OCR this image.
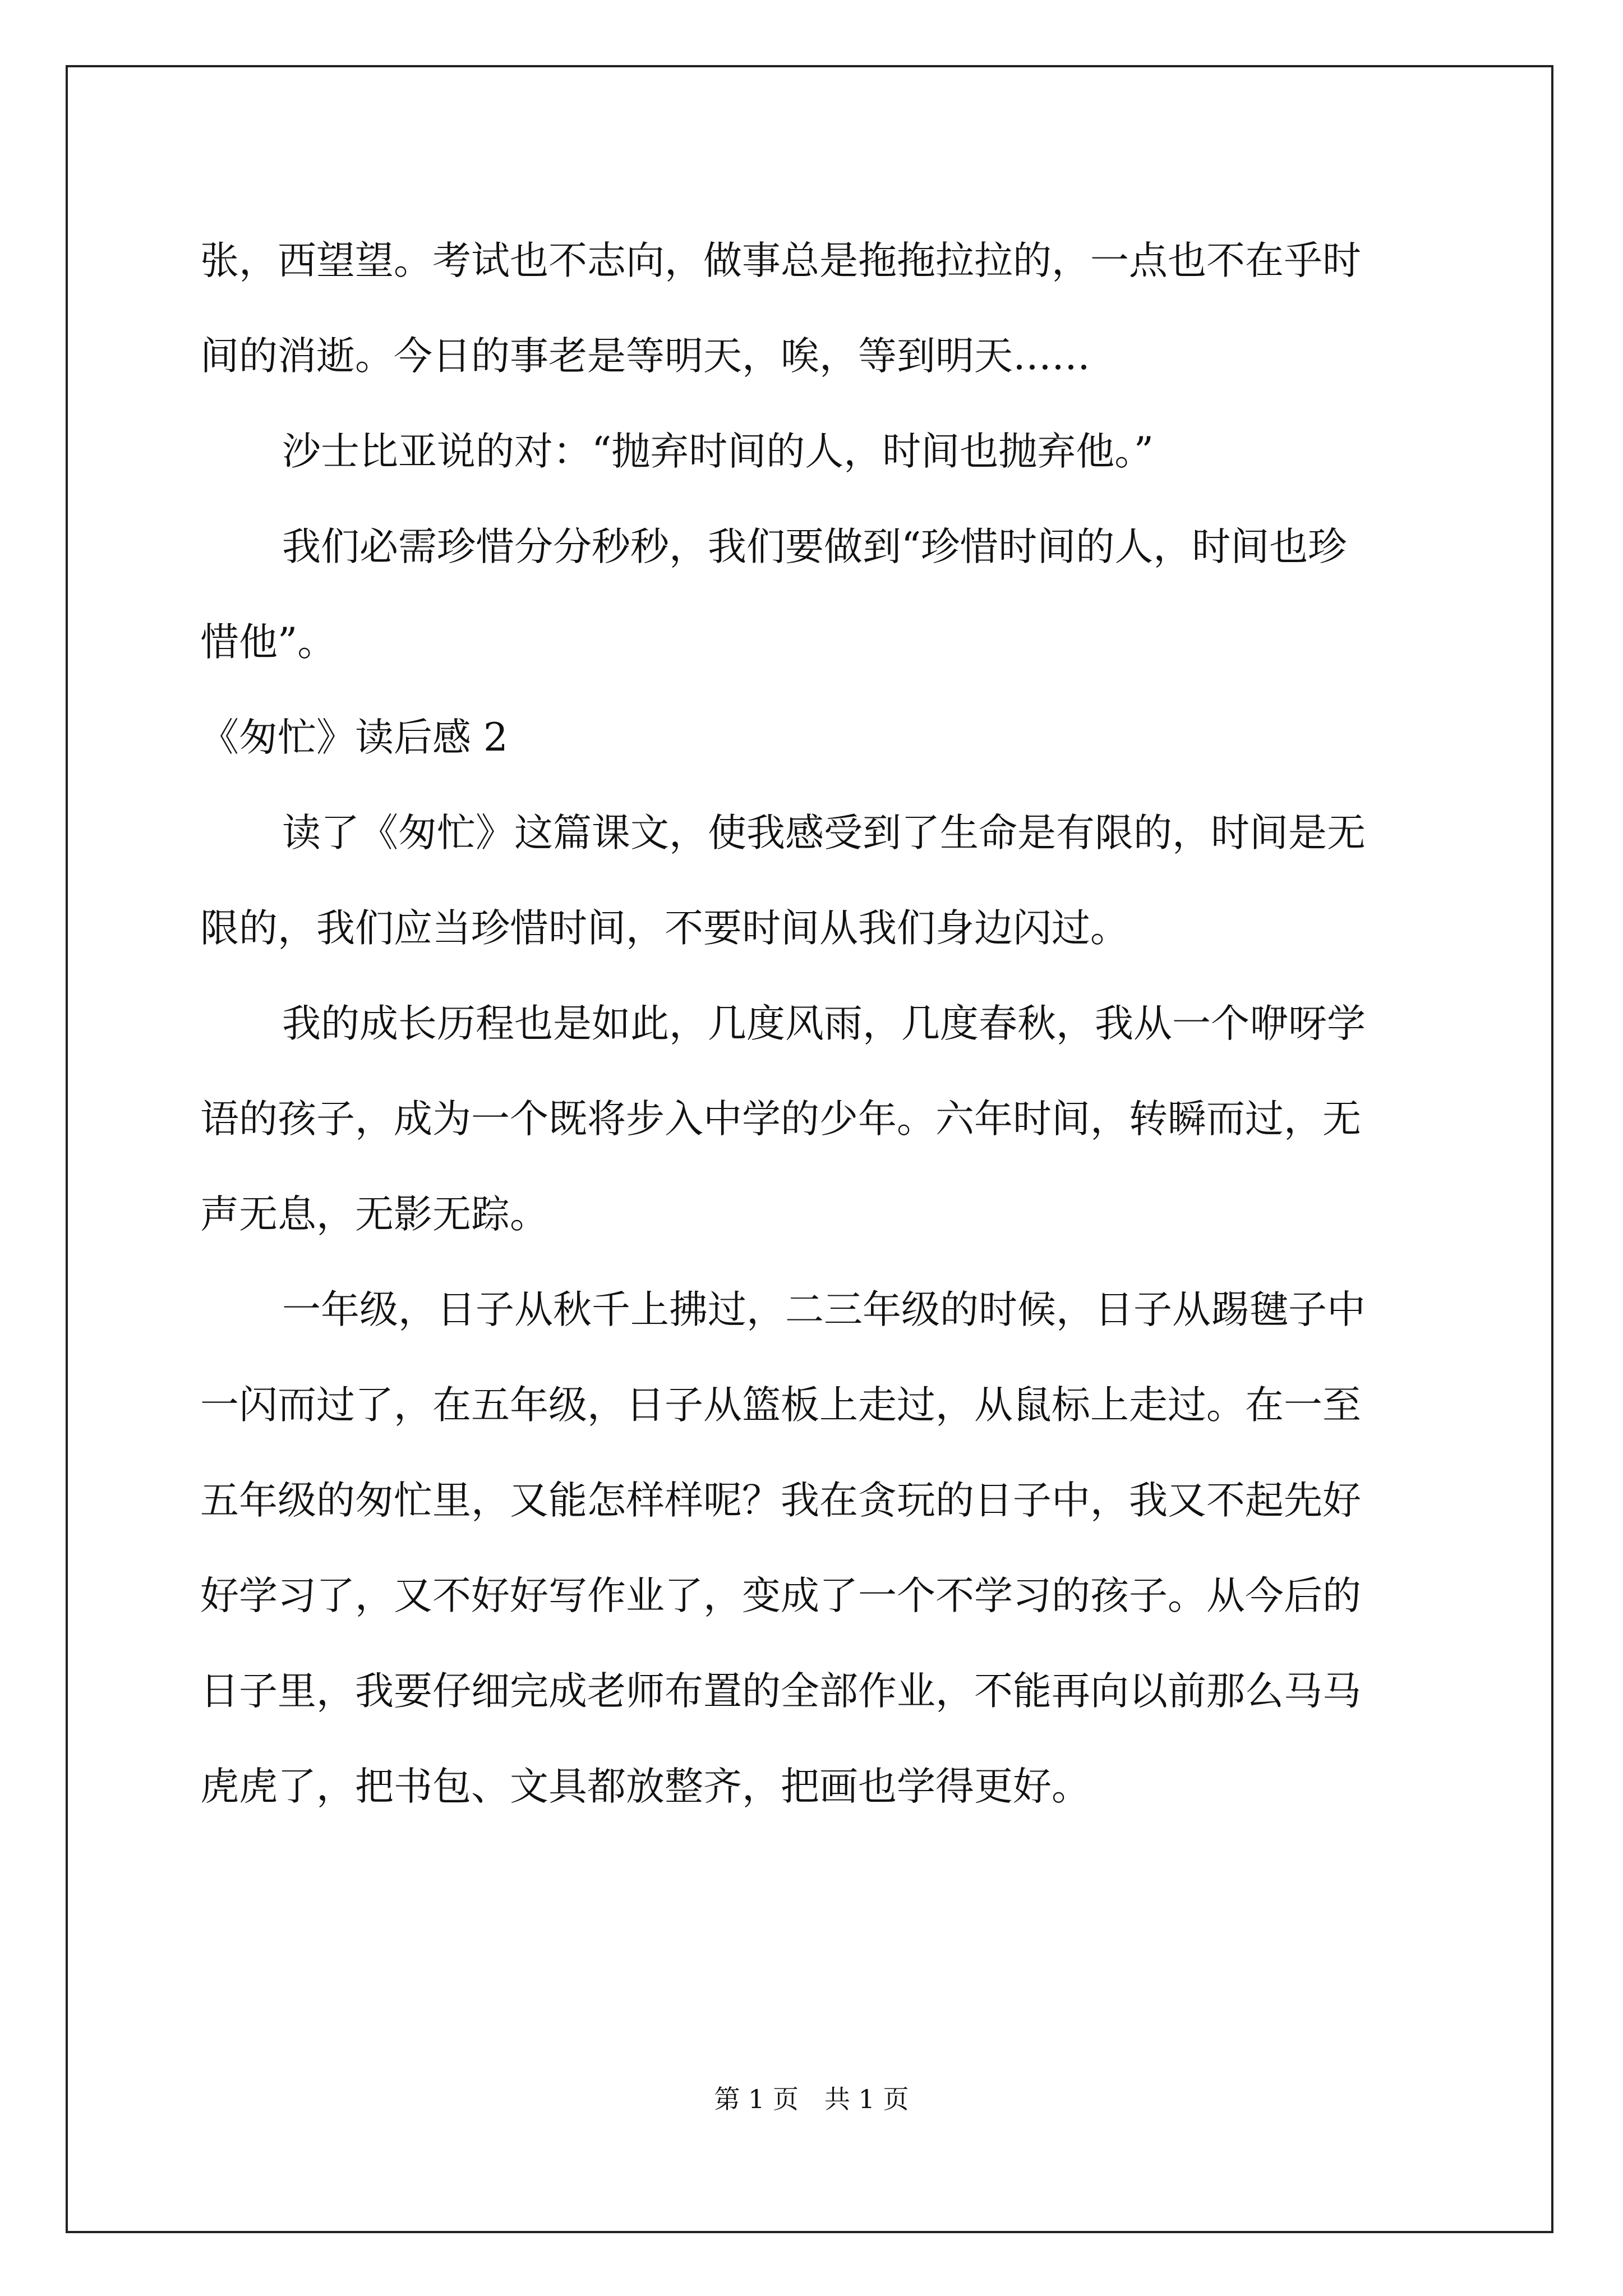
张，西望望。考试也不志向，做事总是拖拖拉拉的，一点也不在乎时
间的消逝。今日的事老是等明天，唉，等到明天……
沙士比亚说的对：“抛弃时间的人，时间也抛弃他。”
我们必需珍惜分分秒秒，我们要做到“珍惜时间的人，时间也珍
惜他”。
《匆忙》读后感 2
读了《匆忙》这篇课文，使我感受到了生命是有限的，时间是无
限的，我们应当珍惜时间，不要时间从我们身边闪过。
我的成长历程也是如此，几度风雨，几度春秋，我从一个咿呀学
语的孩子，成为一个既将步入中学的少年。六年时间，转瞬而过，无
声无息，无影无踪。
一年级，日子从秋千上拂过，二三年级的时候，日子从踢毽子中
一闪而过了，在五年级，日子从篮板上走过，从鼠标上走过。在一至
五年级的匆忙里，又能怎样样呢？我在贪玩的日子中，我又不起先好
好学习了，又不好好写作业了，变成了一个不学习的孩子。从今后的
日子里，我要仔细完成老师布置的全部作业，不能再向以前那么马马
虎虎了，把书包、文具都放整齐，把画也学得更好。
第 1 页　共 1 页
